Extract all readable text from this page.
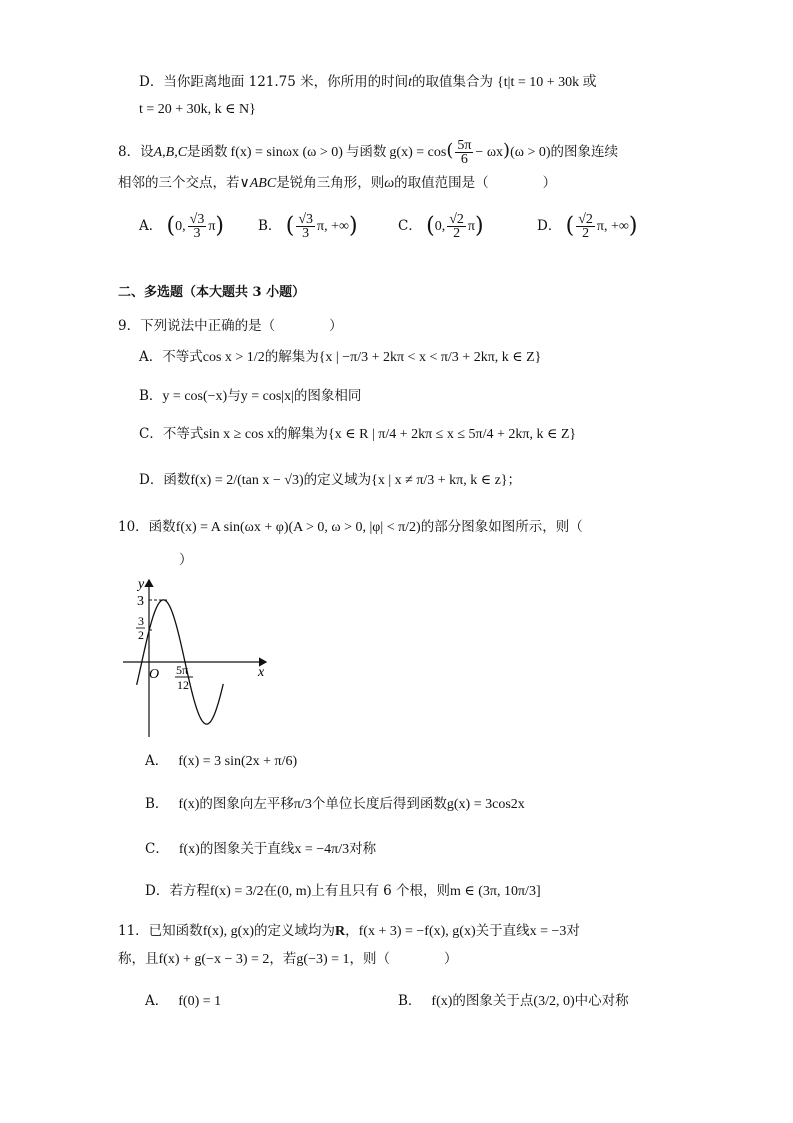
D．当你距离地面 121.75 米，你所用的时间t的取值集合为 {t|t = 10 + 30k 或
t = 20 + 30k, k ∈ N}
8．设A,B,C是函数 f(x) = sinωx (ω > 0) 与函数 $g(x) = \cos( \frac{5\pi}{6} - \omega x)(\omega > 0)$的图象连续
相邻的三个交点，若∨ABC是锐角三角形，则ω的取值范围是（　　　　）
A． (0, $\frac{√3}{3} \pi$)	B． ( $\frac{√3}{3} \pi$, +∞)	C． (0, $\frac{√2}{2} \pi$)	D． ( $\frac{√2}{2} \pi$, +∞)
二、多选题（本大题共 3 小题）
9．下列说法中正确的是（　　　　）
A．不等式cos x > 1/2的解集为{x | −π/3 + 2kπ < x < π/3 + 2kπ, k ∈ Z}
B．y = cos(−x)与y = cos|x|的图象相同
C．不等式sin x ≥ cos x的解集为{x ∈ R | π/4 + 2kπ ≤ x ≤ 5π/4 + 2kπ, k ∈ Z}
D．函数f(x) = 2/(tan x − √3)的定义域为{x | x ≠ π/3 + kπ, k ∈ z}；
10．函数f(x) = A sin(ωx + φ)(A > 0, ω > 0, |φ| < π/2)的部分图象如图所示，则（
）
y
x
O
3
3
2
5π
12
A． f(x) = 3 sin(2x + π/6)
B． f(x)的图象向左平移π/3个单位长度后得到函数g(x) = 3cos2x
C． f(x)的图象关于直线x = −4π/3对称
D．若方程f(x) = 3/2在(0, m)上有且只有 6 个根，则m ∈ (3π, 10π/3]
11．已知函数f(x), g(x)的定义域均为R，f(x + 3) = −f(x), g(x)关于直线x = −3对
称，且f(x) + g(−x − 3) = 2，若g(−3) = 1，则（　　　　）
A． f(0) = 1	B． f(x)的图象关于点(3/2, 0)中心对称
